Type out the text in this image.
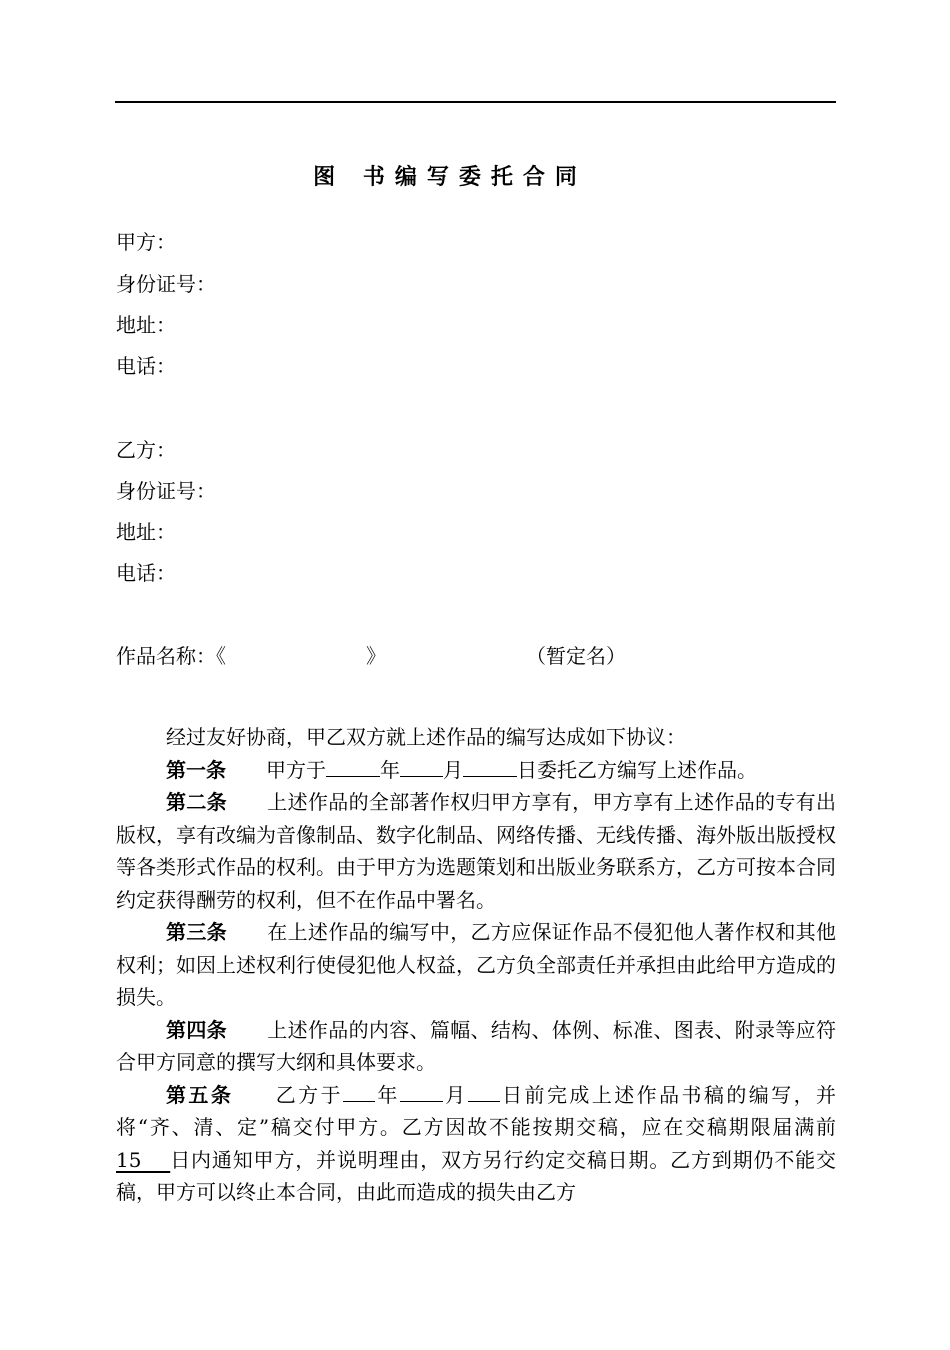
图 书编写委托合同
甲方：
身份证号：
地址：
电话：
乙方：
身份证号：
地址：
电话：
作品名称：《	》	（暂定名）

经过友好协商，甲乙双方就上述作品的编写达成如下协议：

第一条 甲方于	年 月	日委托乙方编写上述作品。

第二条 上述作品的全部著作权归甲方享有，甲方享有上述作品的专有出版权，享有改编为音像制品、数字化制品、网络传播、无线传播、海外版出版授权等各类形式作品的权利。由于甲方为选题策划和出版业务联系方，乙方可按本合同约定获得酬劳的权利，但不在作品中署名。

第三条 在上述作品的编写中，乙方应保证作品不侵犯他人著作权和其他权利；如因上述权利行使侵犯他人权益，乙方负全部责任并承担由此给甲方造成的损失。

第四条 上述作品的内容、篇幅、结构、体例、标准、图表、附录等应符合甲方同意的撰写大纲和具体要求。

第五条 乙方于 年 月 日前完成上述作品书稿的编写，并将“齐、清、定”稿交付甲方。乙方因故不能按期交稿，应在交稿期限届满前15 日内通知甲方，并说明理由，双方另行约定交稿日期。乙方到期仍不能交稿，甲方可以终止本合同，由此而造成的损失由乙方
